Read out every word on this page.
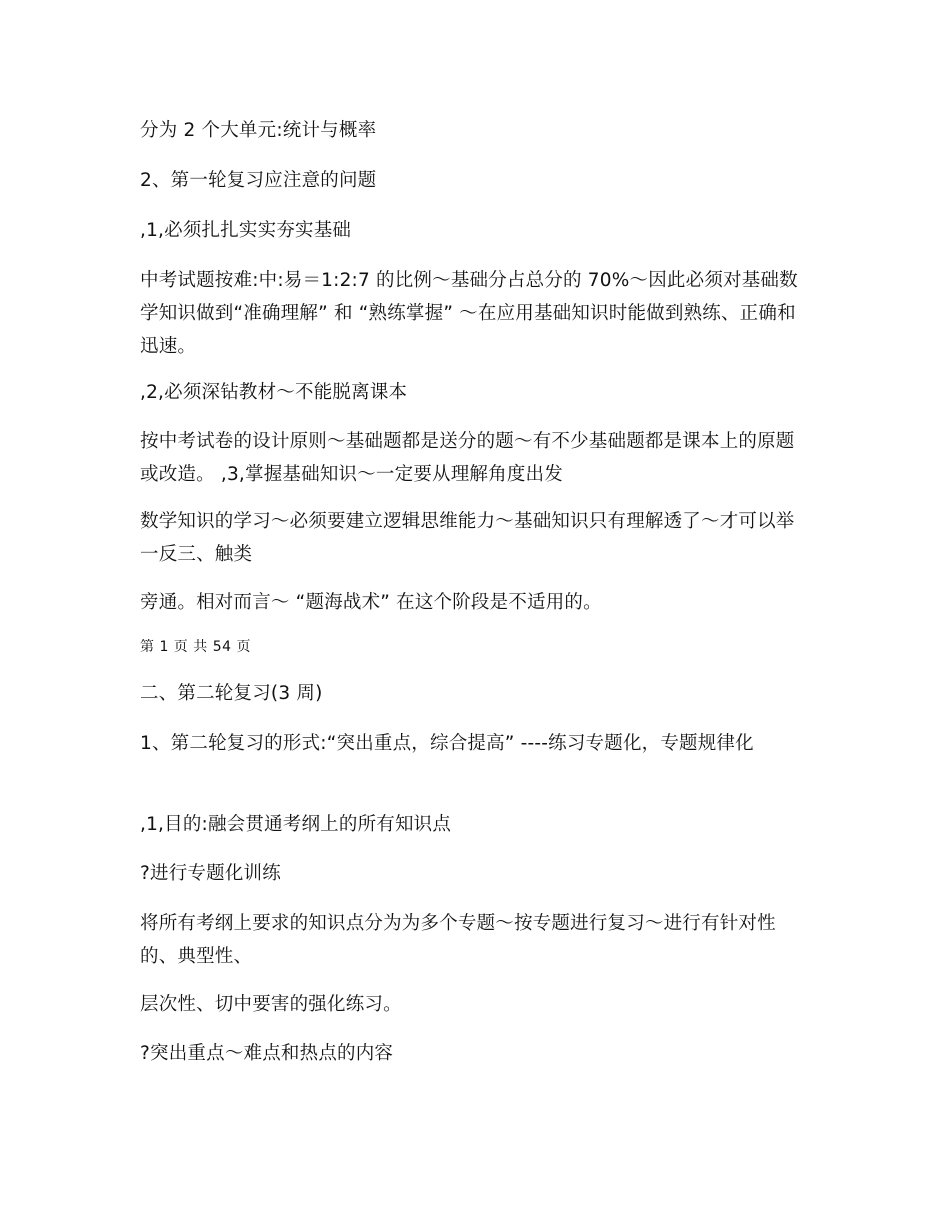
分为 2 个大单元:统计与概率
2、第一轮复习应注意的问题
,1,必须扎扎实实夯实基础
中考试题按难:中:易＝1:2:7 的比例～基础分占总分的 70%～因此必须对基础数学知识做到“准确理解” 和 “熟练掌握” ～在应用基础知识时能做到熟练、正确和迅速。
,2,必须深钻教材～不能脱离课本
按中考试卷的设计原则～基础题都是送分的题～有不少基础题都是课本上的原题或改造。 ,3,掌握基础知识～一定要从理解角度出发
数学知识的学习～必须要建立逻辑思维能力～基础知识只有理解透了～才可以举一反三、触类
旁通。相对而言～ “题海战术” 在这个阶段是不适用的。
第 1 页 共 54 页
二、第二轮复习(3 周)
1、第二轮复习的形式:“突出重点，综合提高” ----练习专题化，专题规律化
,1,目的:融会贯通考纲上的所有知识点
?进行专题化训练
将所有考纲上要求的知识点分为为多个专题～按专题进行复习～进行有针对性的、典型性、
层次性、切中要害的强化练习。
?突出重点～难点和热点的内容
